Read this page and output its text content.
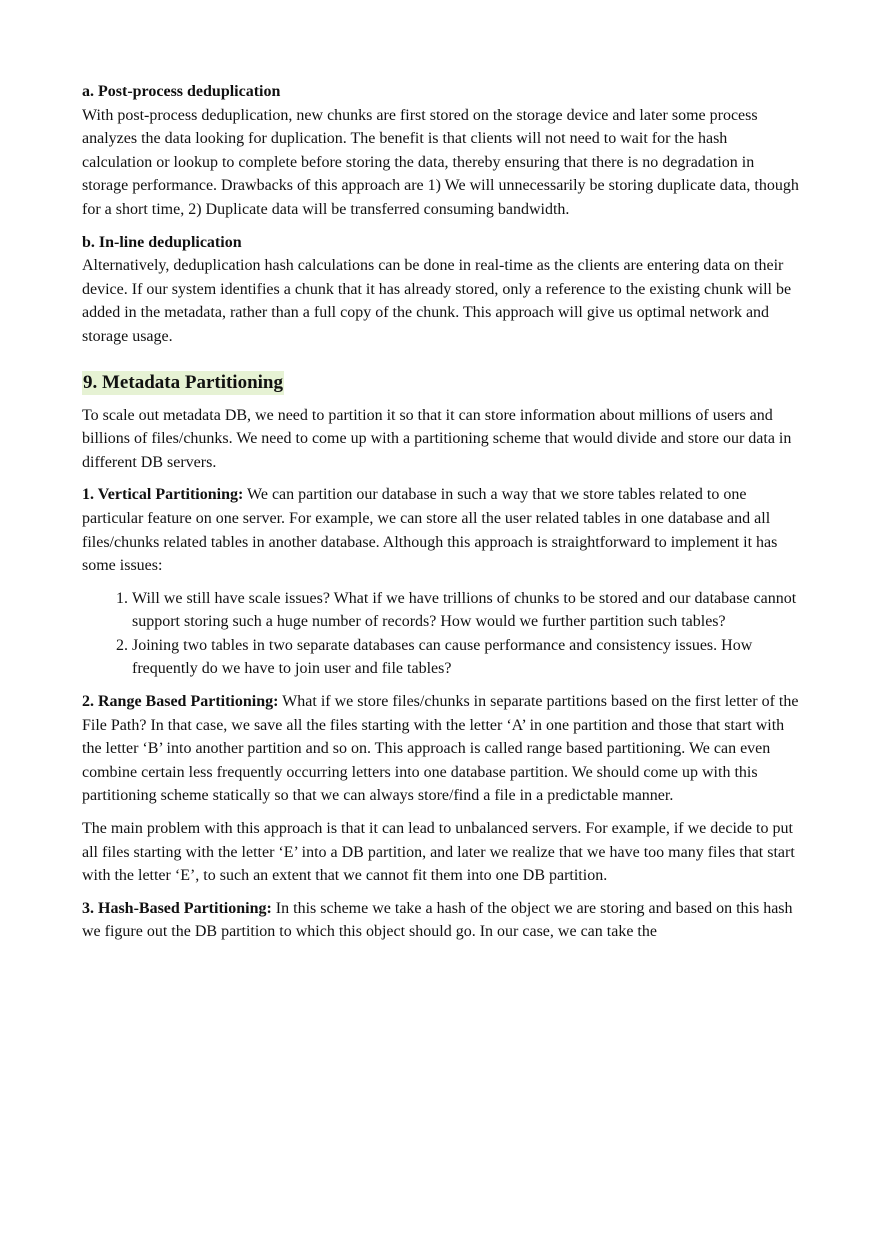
a. Post-process deduplication

With post-process deduplication, new chunks are first stored on the storage device and later some process analyzes the data looking for duplication. The benefit is that clients will not need to wait for the hash calculation or lookup to complete before storing the data, thereby ensuring that there is no degradation in storage performance. Drawbacks of this approach are 1) We will unnecessarily be storing duplicate data, though for a short time, 2) Duplicate data will be transferred consuming bandwidth.

b. In-line deduplication

Alternatively, deduplication hash calculations can be done in real-time as the clients are entering data on their device. If our system identifies a chunk that it has already stored, only a reference to the existing chunk will be added in the metadata, rather than a full copy of the chunk. This approach will give us optimal network and storage usage.

9. Metadata Partitioning

To scale out metadata DB, we need to partition it so that it can store information about millions of users and billions of files/chunks. We need to come up with a partitioning scheme that would divide and store our data in different DB servers.

1. Vertical Partitioning: We can partition our database in such a way that we store tables related to one particular feature on one server. For example, we can store all the user related tables in one database and all files/chunks related tables in another database. Although this approach is straightforward to implement it has some issues:

1. Will we still have scale issues? What if we have trillions of chunks to be stored and our database cannot support storing such a huge number of records? How would we further partition such tables?
2. Joining two tables in two separate databases can cause performance and consistency issues. How frequently do we have to join user and file tables?

2. Range Based Partitioning: What if we store files/chunks in separate partitions based on the first letter of the File Path? In that case, we save all the files starting with the letter ‘A’ in one partition and those that start with the letter ‘B’ into another partition and so on. This approach is called range based partitioning. We can even combine certain less frequently occurring letters into one database partition. We should come up with this partitioning scheme statically so that we can always store/find a file in a predictable manner.

The main problem with this approach is that it can lead to unbalanced servers. For example, if we decide to put all files starting with the letter ‘E’ into a DB partition, and later we realize that we have too many files that start with the letter ‘E’, to such an extent that we cannot fit them into one DB partition.

3. Hash-Based Partitioning: In this scheme we take a hash of the object we are storing and based on this hash we figure out the DB partition to which this object should go. In our case, we can take the
